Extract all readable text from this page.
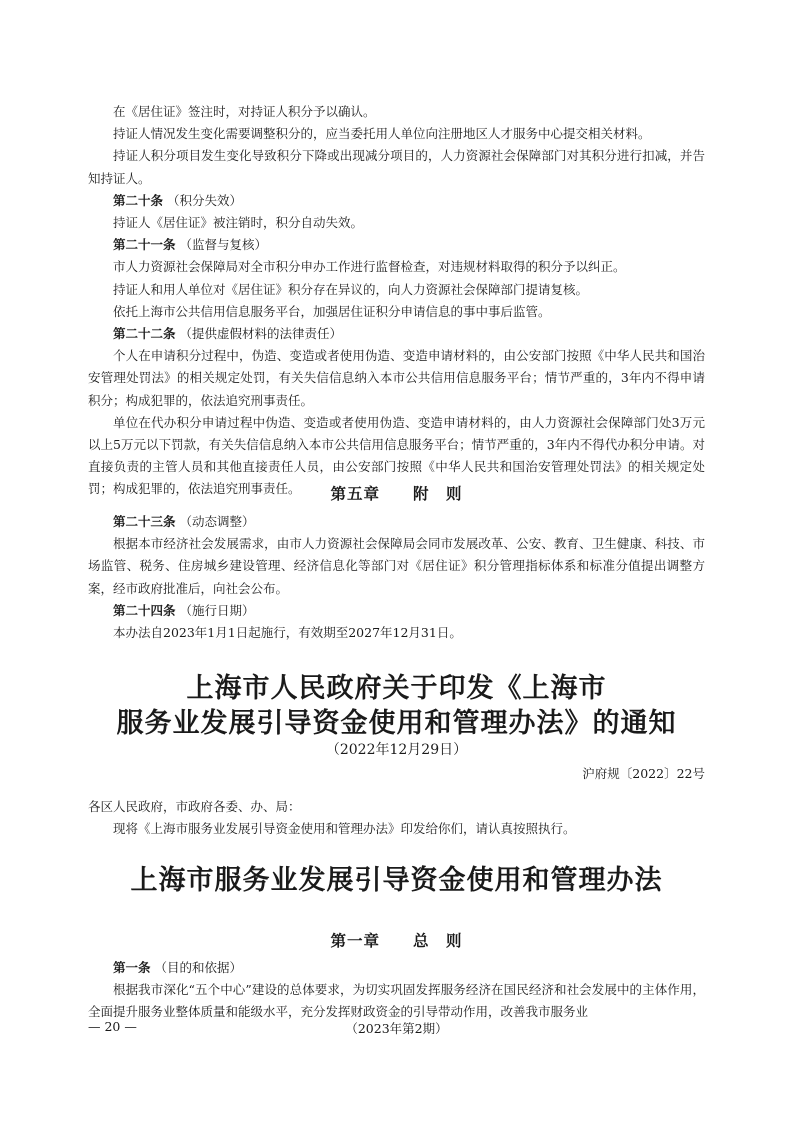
在《居住证》签注时，对持证人积分予以确认。

持证人情况发生变化需要调整积分的，应当委托用人单位向注册地区人才服务中心提交相关材料。

持证人积分项目发生变化导致积分下降或出现减分项目的，人力资源社会保障部门对其积分进行扣减，并告知持证人。

第二十条 （积分失效）

持证人《居住证》被注销时，积分自动失效。

第二十一条 （监督与复核）

市人力资源社会保障局对全市积分申办工作进行监督检查，对违规材料取得的积分予以纠正。

持证人和用人单位对《居住证》积分存在异议的，向人力资源社会保障部门提请复核。

依托上海市公共信用信息服务平台，加强居住证积分申请信息的事中事后监管。

第二十二条 （提供虚假材料的法律责任）

个人在申请积分过程中，伪造、变造或者使用伪造、变造申请材料的，由公安部门按照《中华人民共和国治安管理处罚法》的相关规定处罚，有关失信信息纳入本市公共信用信息服务平台；情节严重的，3年内不得申请积分；构成犯罪的，依法追究刑事责任。

单位在代办积分申请过程中伪造、变造或者使用伪造、变造申请材料的，由人力资源社会保障部门处3万元以上5万元以下罚款，有关失信信息纳入本市公共信用信息服务平台；情节严重的，3年内不得代办积分申请。对直接负责的主管人员和其他直接责任人员，由公安部门按照《中华人民共和国治安管理处罚法》的相关规定处罚；构成犯罪的，依法追究刑事责任。	第五章　　 附　则

第二十三条 （动态调整）

根据本市经济社会发展需求，由市人力资源社会保障局会同市发展改革、公安、教育、卫生健康、科技、市场监管、税务、住房城乡建设管理、经济信息化等部门对《居住证》积分管理指标体系和标准分值提出调整方案，经市政府批准后，向社会公布。

第二十四条 （施行日期）

本办法自2023年1月1日起施行，有效期至2027年12月31日。

上海市人民政府关于印发《上海市
服务业发展引导资金使用和管理办法》的通知
（2022年12月29日）
沪府规〔2022〕22号

各区人民政府，市政府各委、办、局：

现将《上海市服务业发展引导资金使用和管理办法》印发给你们，请认真按照执行。

上海市服务业发展引导资金使用和管理办法
第一章　　 总　则

第一条 （目的和依据）

根据我市深化“五个中心”建设的总体要求，为切实巩固发挥服务经济在国民经济和社会发展中的主体作用，全面提升服务业整体质量和能级水平，充分发挥财政资金的引导带动作用，改善我市服务业

— 20 —	（2023年第2期）
